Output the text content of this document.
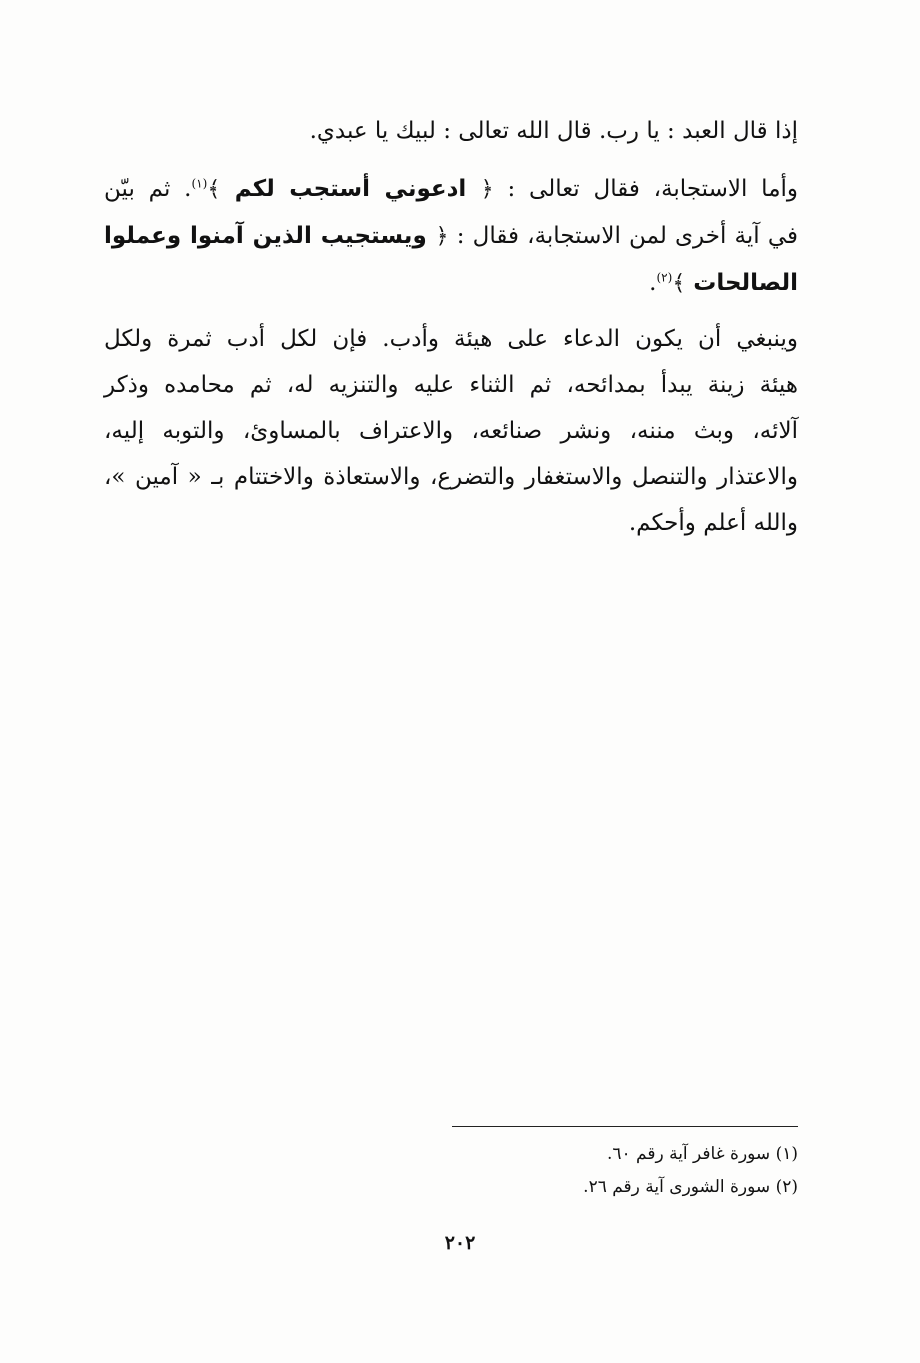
إذا قال العبد : يا رب. قال الله تعالى : لبيك يا عبدي.
وأما الاستجابة، فقال تعالى : ﴿ ادعوني أستجب لكم ﴾$^{(١)}$. ثم بيّن
في آية أخرى لمن الاستجابة، فقال : ﴿ ويستجيب الذين آمنوا وعملوا
الصالحات ﴾$^{(٢)}$.
وينبغي أن يكون الدعاء على هيئة وأدب. فإن لكل أدب ثمرة ولكل
هيئة زينة يبدأ بمدائحه، ثم الثناء عليه والتنزيه له، ثم محامده وذكر
آلائه، وبث مننه، ونشر صنائعه، والاعتراف بالمساوئ، والتوبه إليه،
والاعتذار والتنصل والاستغفار والتضرع، والاستعاذة والاختتام بـ « آمين »،
والله أعلم وأحكم.
(١) سورة غافر آية رقم ٦٠.
(٢) سورة الشورى آية رقم ٢٦.
٢٠٢
